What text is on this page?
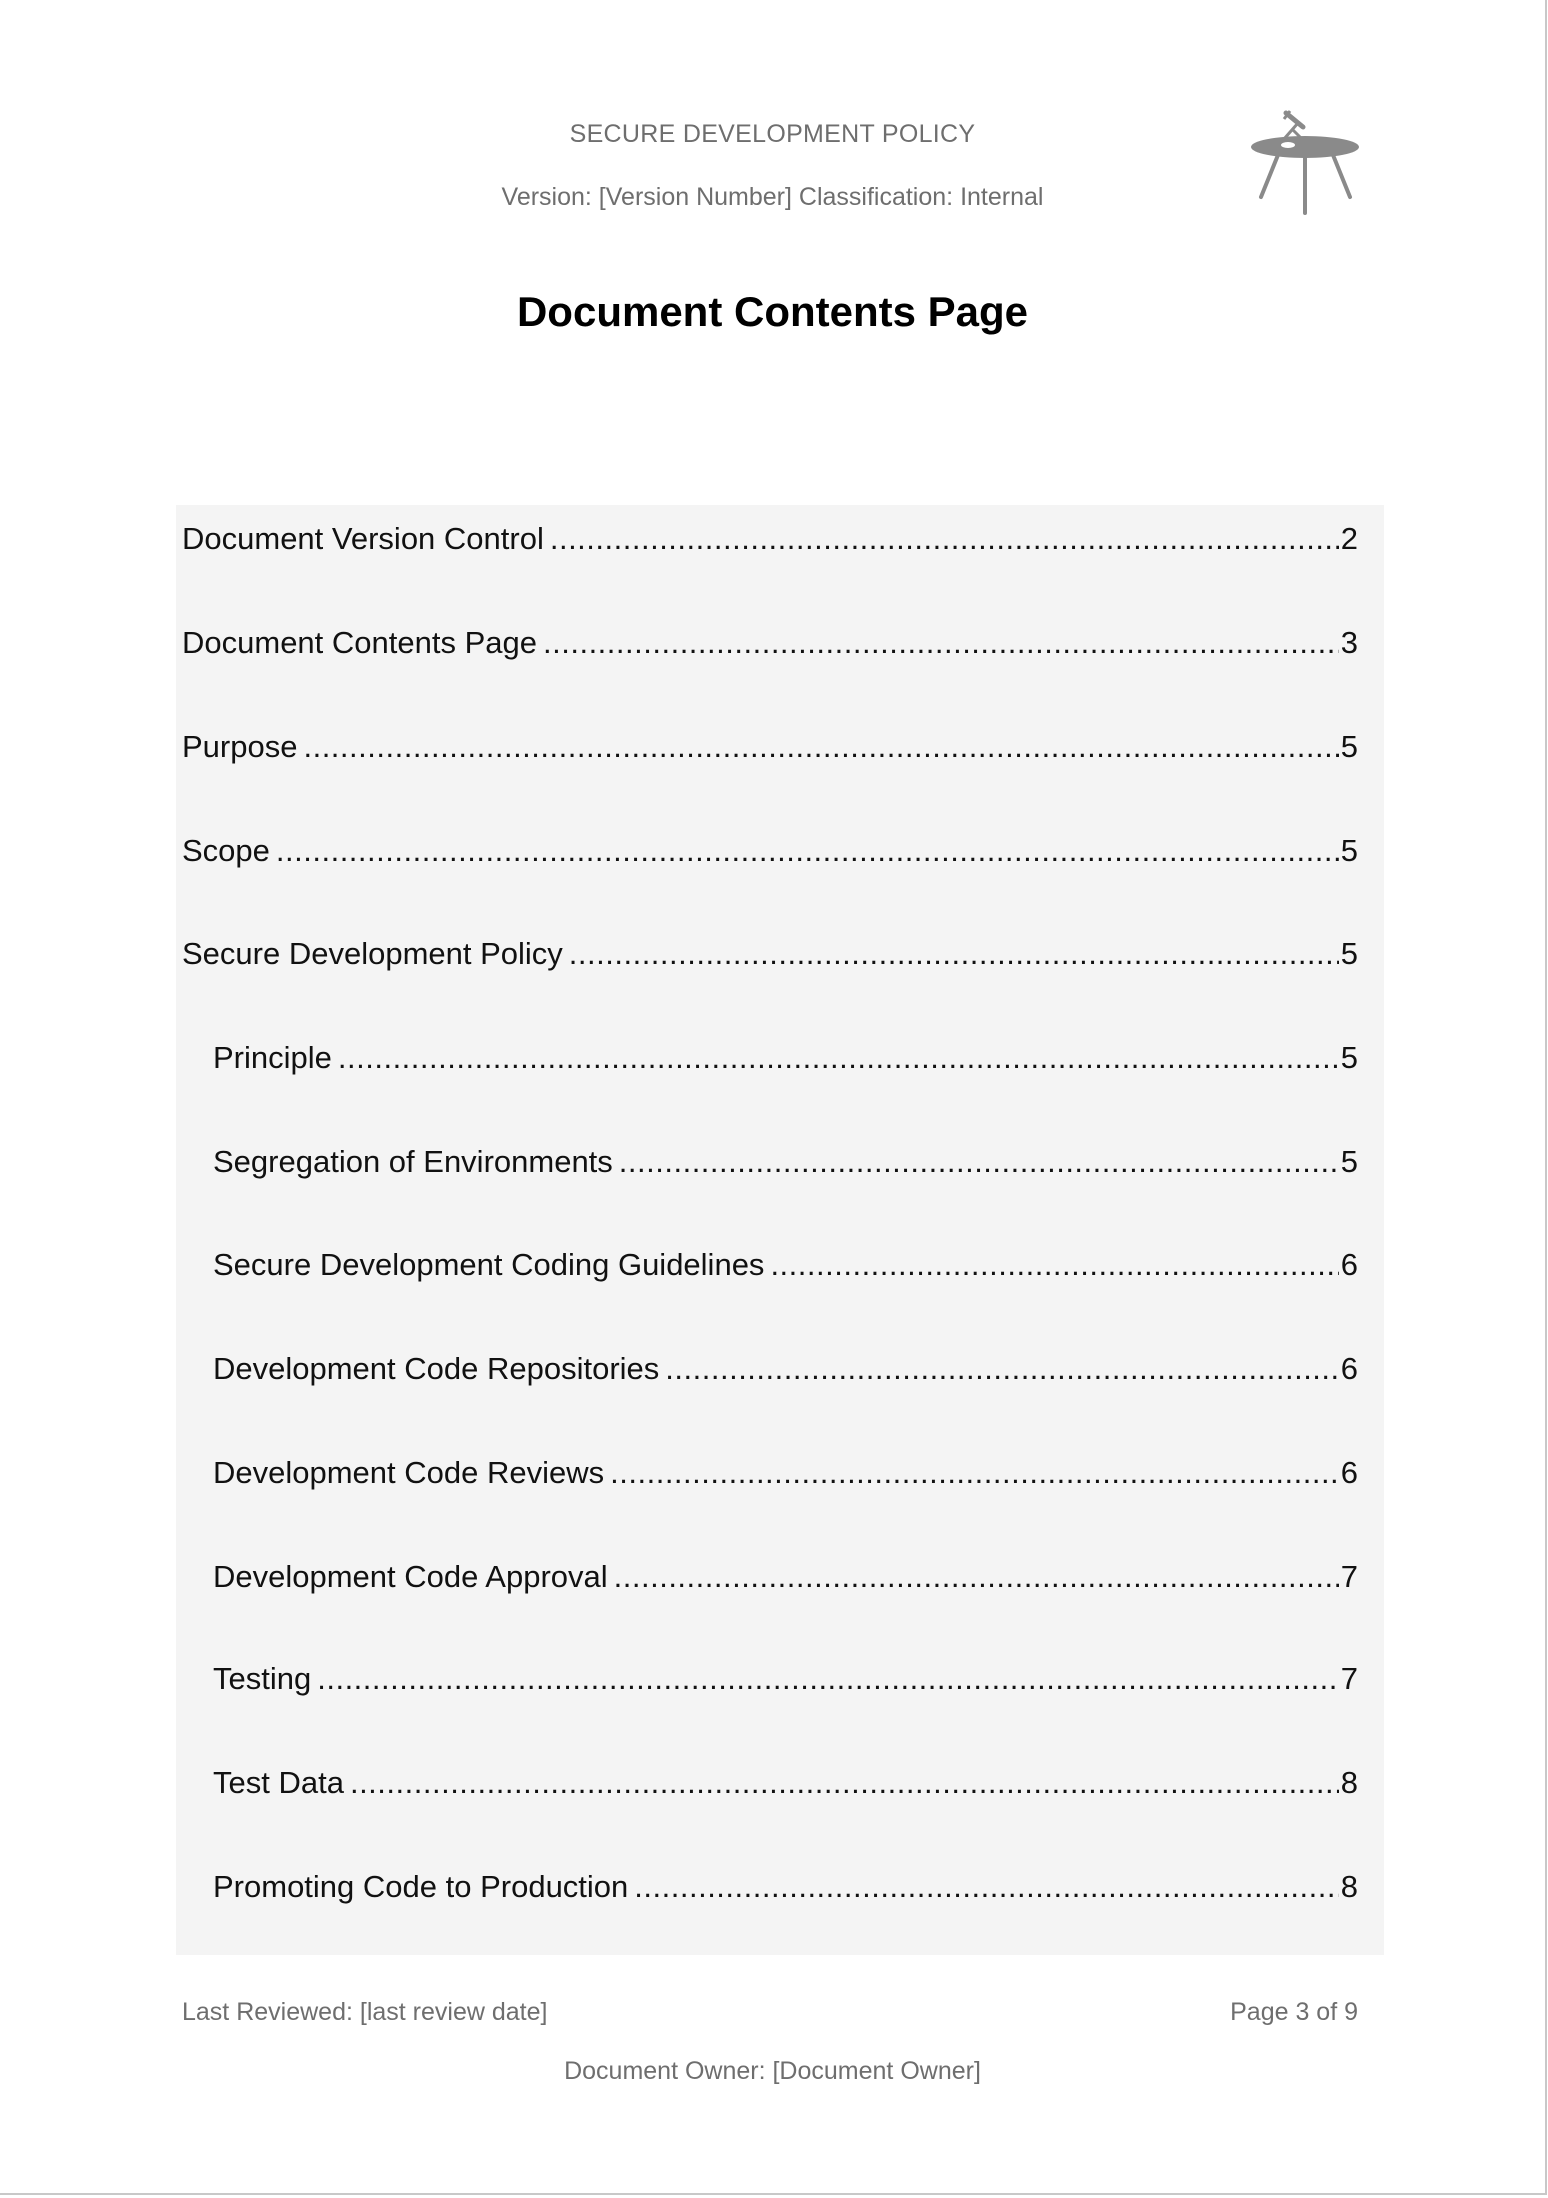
SECURE DEVELOPMENT POLICY
Version: [Version Number] Classification: Internal
Document Contents Page
Document Version Control .....	2
Document Contents Page .....	3
Purpose .....	5
Scope .....	5
Secure Development Policy .....	5
Principle .....	5
Segregation of Environments .....	5
Secure Development Coding Guidelines .....	6
Development Code Repositories .....	6
Development Code Reviews .....	6
Development Code Approval .....	7
Testing .....	7
Test Data .....	8
Promoting Code to Production .....	8
Last Reviewed: [last review date]	Page 3 of 9
Document Owner: [Document Owner]
